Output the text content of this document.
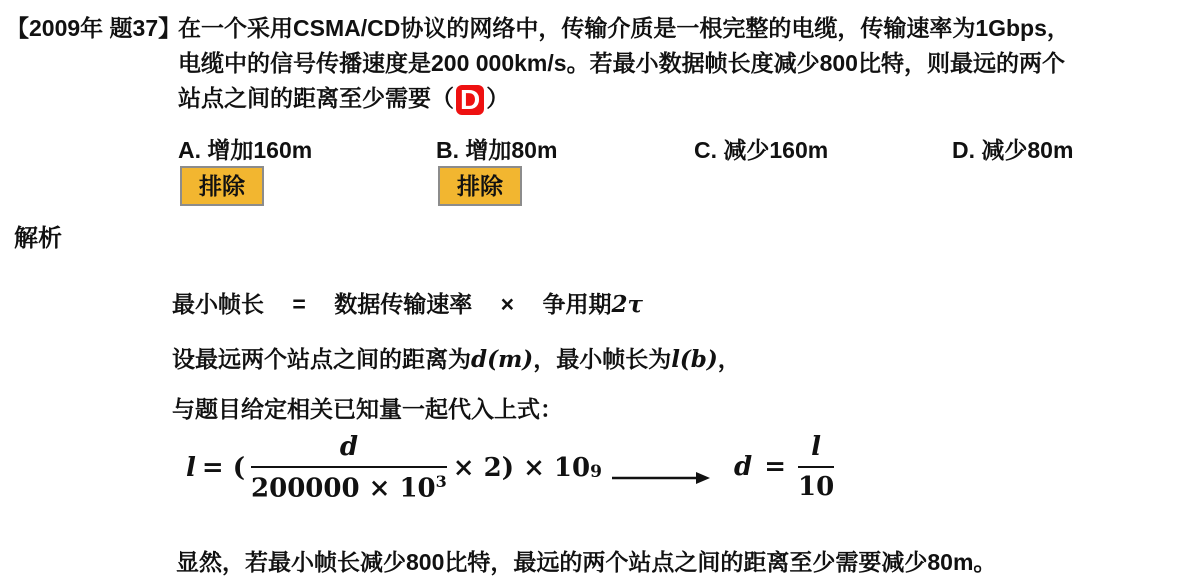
【2009年 题37】
在一个采用CSMA/CD协议的网络中，传输介质是一根完整的电缆，传输速率为1Gbps，
电缆中的信号传播速度是200 000km/s。若最小数据帧长度减少800比特，则最远的两个
站点之间的距离至少需要（ D ）
A. 增加160m	B. 增加80m	C. 减少160m	D. 减少80m
排除	排除
解析
最小帧长 = 数据传输速率 × 争用期2τ
设最远两个站点之间的距离为d(m)，最小帧长为l(b)，
与题目给定相关已知量一起代入上式：
l = ( $\frac{d}{200000 \times 10^3} \times 2) \times 10$ 9	$d = \frac{l}{10}$
显然，若最小帧长减少800比特，最远的两个站点之间的距离至少需要减少80m。
